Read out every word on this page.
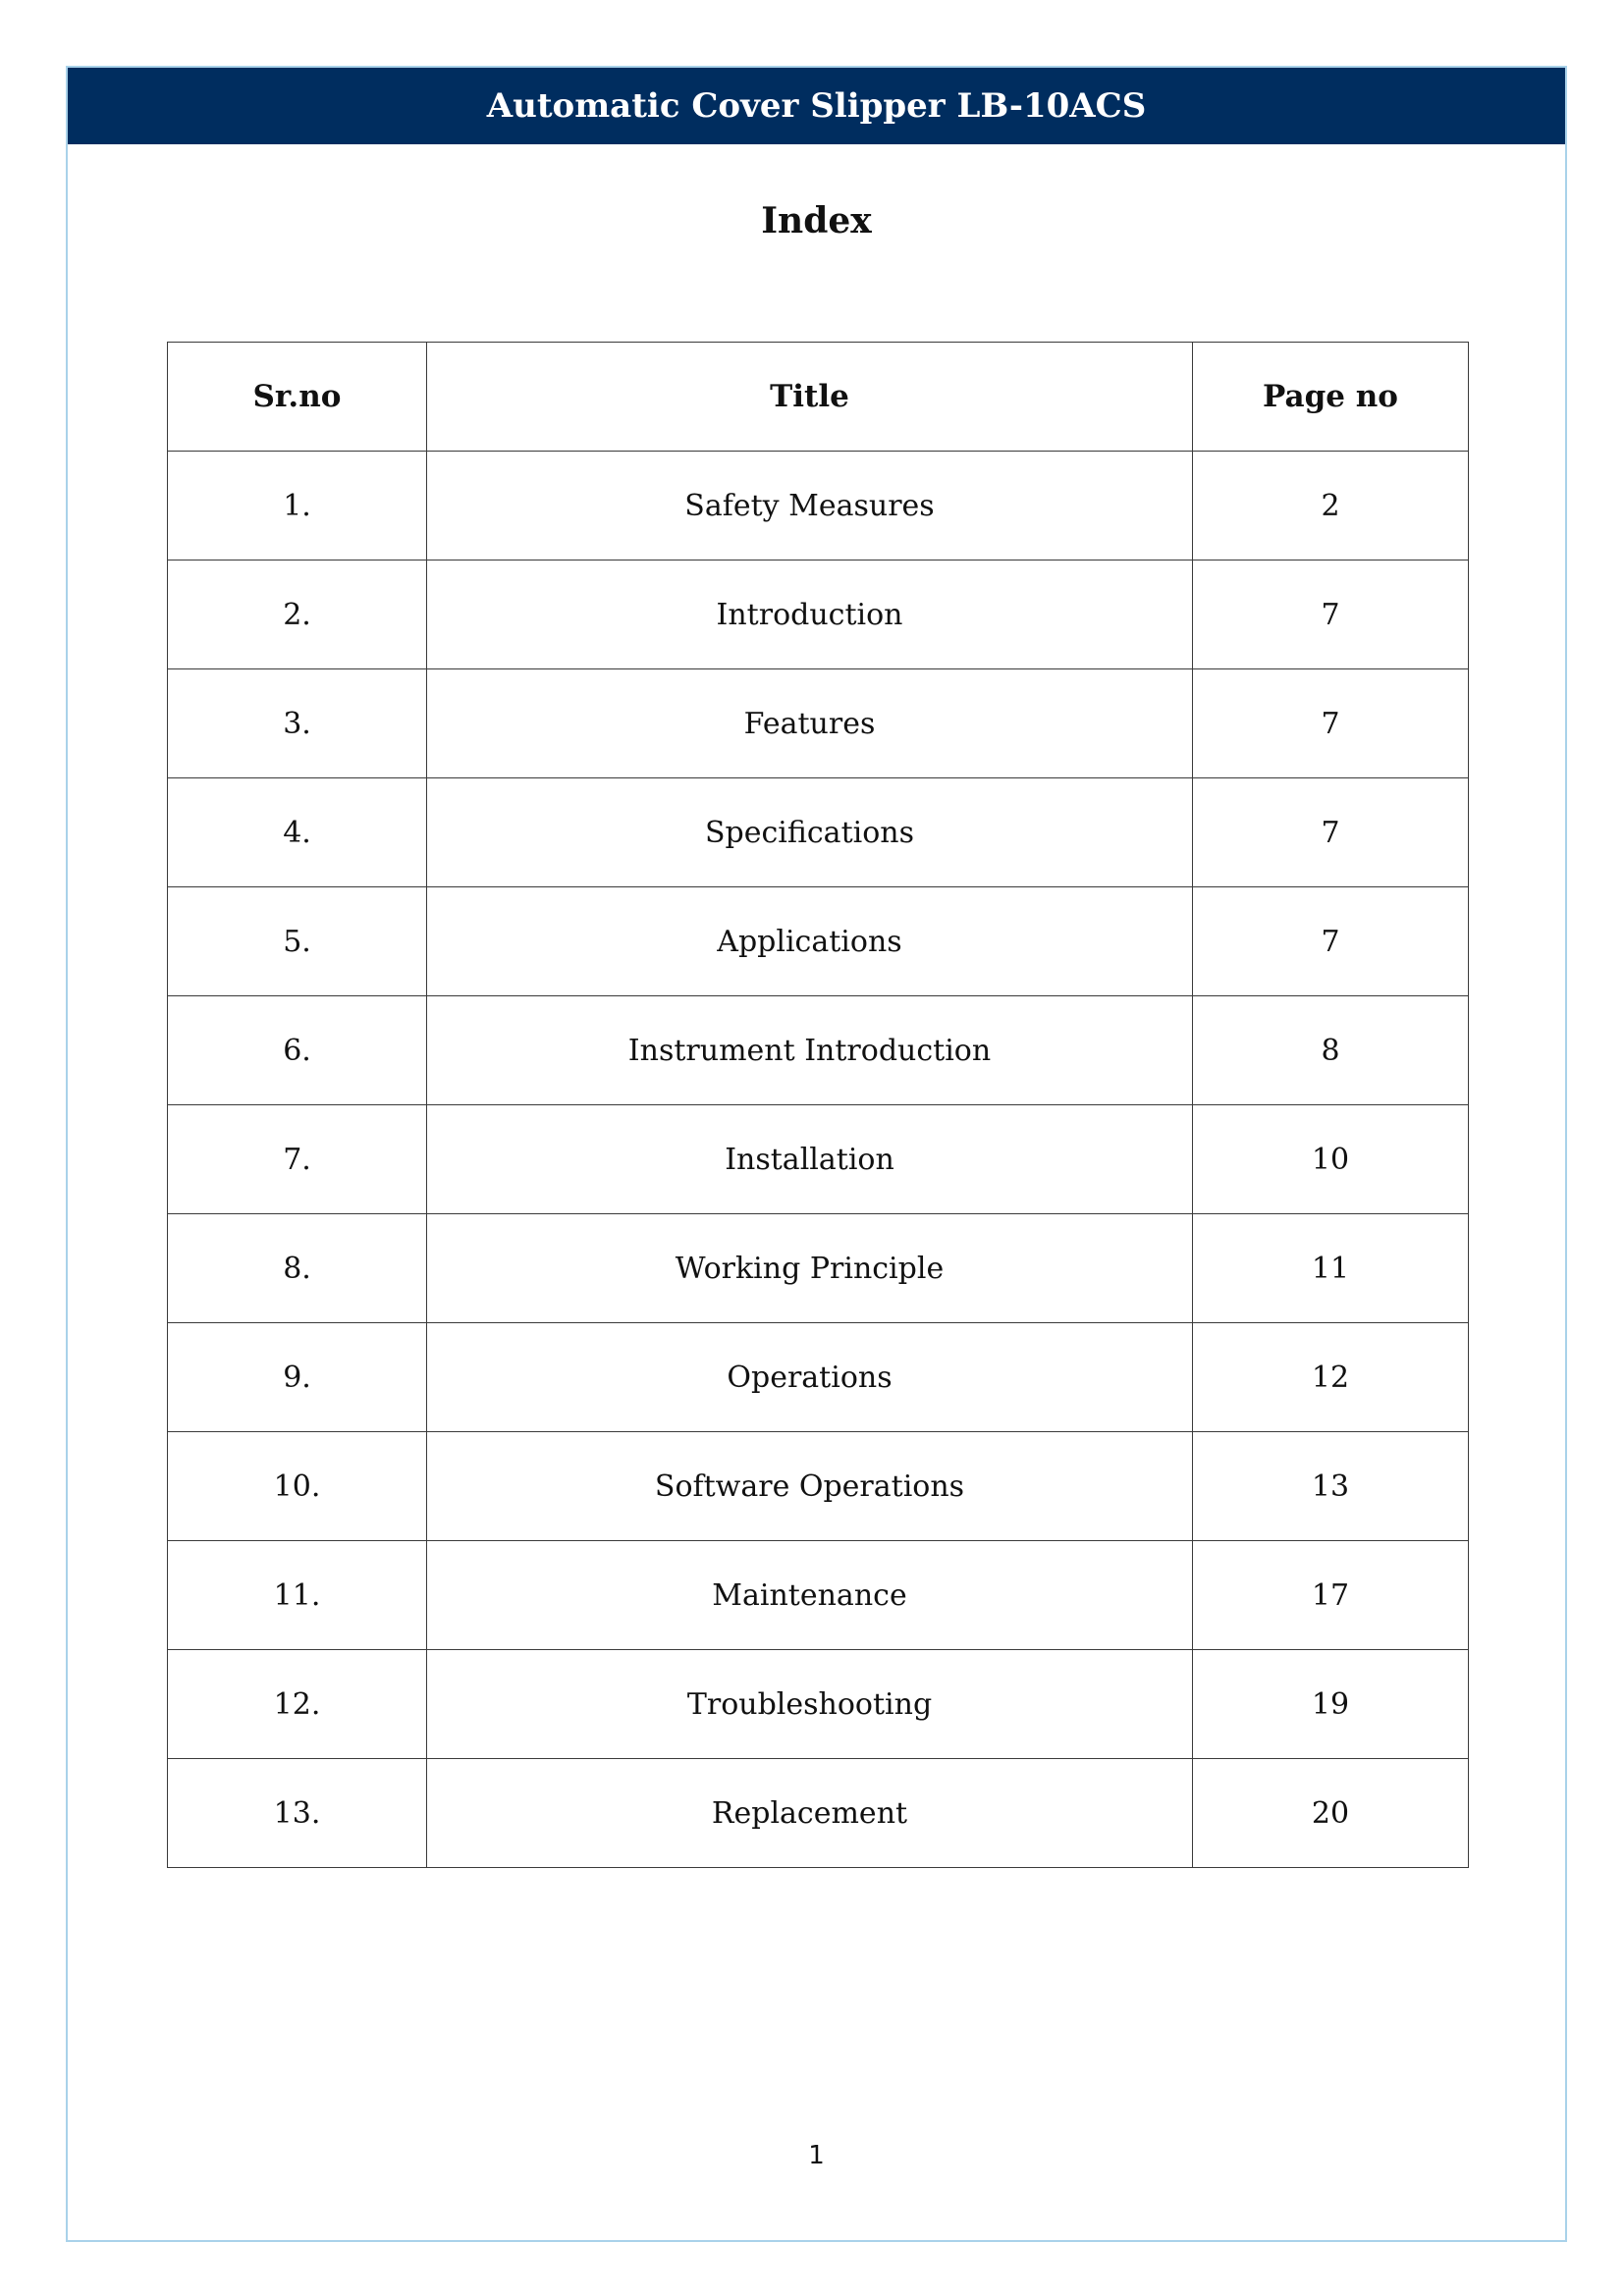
Automatic Cover Slipper LB-10ACS
Index
Sr.no	Title	Page no
1.	Safety Measures	2
2.	Introduction	7
3.	Features	7
4.	Specifications	7
5.	Applications	7
6.	Instrument Introduction	8
7.	Installation	10
8.	Working Principle	11
9.	Operations	12
10.	Software Operations	13
11.	Maintenance	17
12.	Troubleshooting	19
13.	Replacement	20
1
